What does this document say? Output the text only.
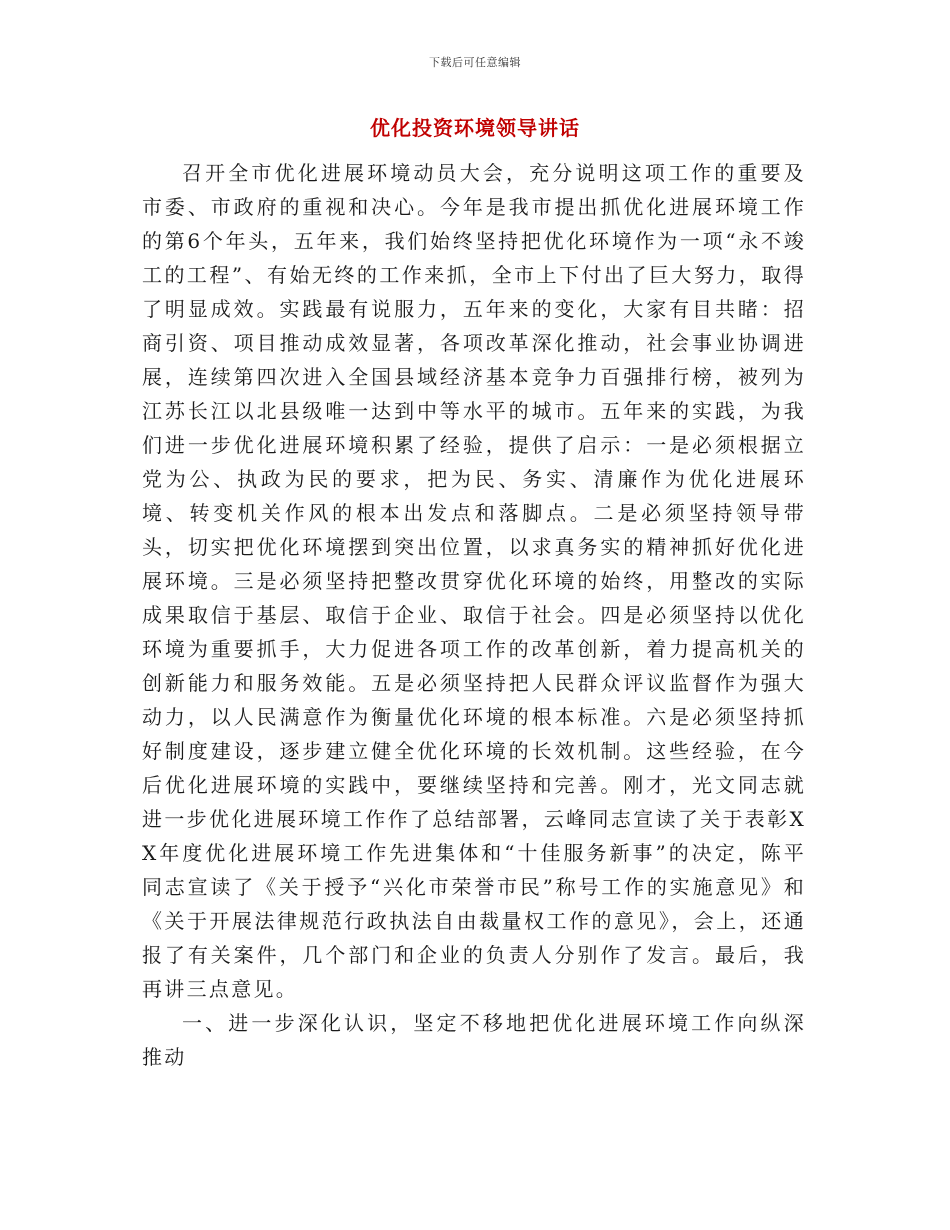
下载后可任意编辑
优化投资环境领导讲话

召开全市优化进展环境动员大会，充分说明这项工作的重要及市委、市政府的重视和决心。今年是我市提出抓优化进展环境工作的第6个年头，五年来，我们始终坚持把优化环境作为一项“永不竣工的工程”、有始无终的工作来抓，全市上下付出了巨大努力，取得了明显成效。实践最有说服力，五年来的变化，大家有目共睹：招商引资、项目推动成效显著，各项改革深化推动，社会事业协调进展，连续第四次进入全国县域经济基本竞争力百强排行榜，被列为江苏长江以北县级唯一达到中等水平的城市。五年来的实践，为我们进一步优化进展环境积累了经验，提供了启示：一是必须根据立党为公、执政为民的要求，把为民、务实、清廉作为优化进展环境、转变机关作风的根本出发点和落脚点。二是必须坚持领导带头，切实把优化环境摆到突出位置，以求真务实的精神抓好优化进展环境。三是必须坚持把整改贯穿优化环境的始终，用整改的实际成果取信于基层、取信于企业、取信于社会。四是必须坚持以优化环境为重要抓手，大力促进各项工作的改革创新，着力提高机关的创新能力和服务效能。五是必须坚持把人民群众评议监督作为强大动力，以人民满意作为衡量优化环境的根本标准。六是必须坚持抓好制度建设，逐步建立健全优化环境的长效机制。这些经验，在今后优化进展环境的实践中，要继续坚持和完善。刚才，光文同志就进一步优化进展环境工作作了总结部署，云峰同志宣读了关于表彰XX年度优化进展环境工作先进集体和“十佳服务新事”的决定，陈平同志宣读了《关于授予“兴化市荣誉市民”称号工作的实施意见》和《关于开展法律规范行政执法自由裁量权工作的意见》，会上，还通报了有关案件，几个部门和企业的负责人分别作了发言。最后，我再讲三点意见。

一、进一步深化认识，坚定不移地把优化进展环境工作向纵深推动
